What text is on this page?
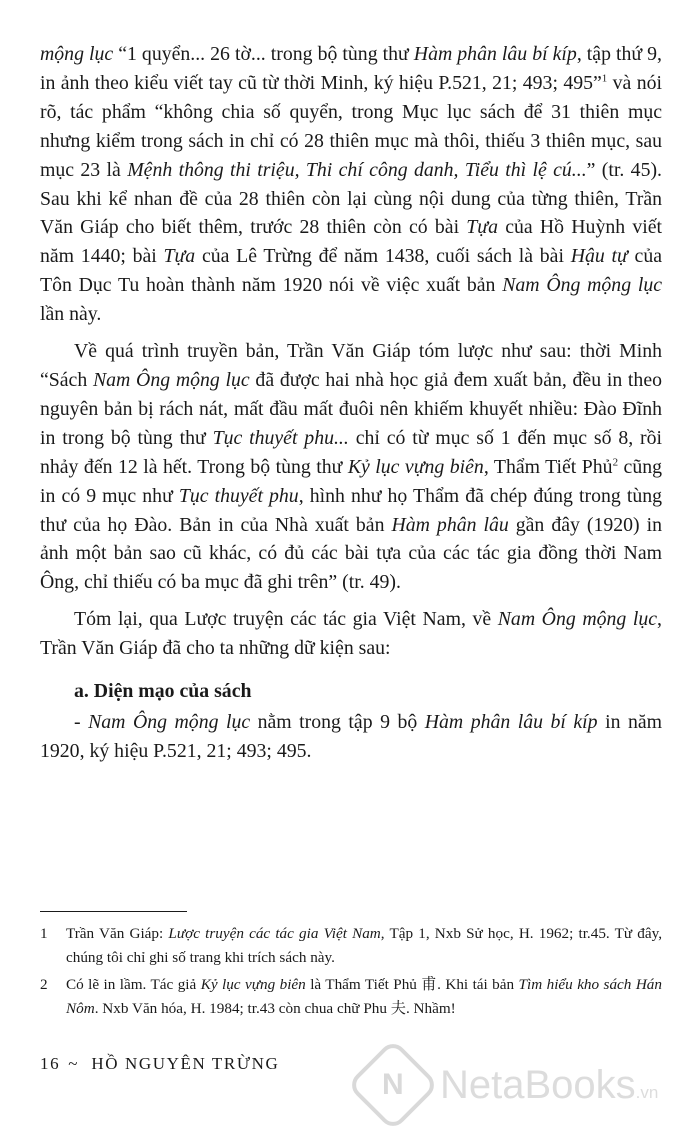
mộng lục “1 quyển... 26 tờ... trong bộ tùng thư Hàm phân lâu bí kíp, tập thứ 9, in ảnh theo kiểu viết tay cũ từ thời Minh, ký hiệu P.521, 21; 493; 495”$^1$ và nói rõ, tác phẩm “không chia số quyển, trong Mục lục sách để 31 thiên mục nhưng kiểm trong sách in chỉ có 28 thiên mục mà thôi, thiếu 3 thiên mục, sau mục 23 là Mệnh thông thi triệu, Thi chí công danh, Tiểu thì lệ cú...” (tr. 45). Sau khi kể nhan đề của 28 thiên còn lại cùng nội dung của từng thiên, Trần Văn Giáp cho biết thêm, trước 28 thiên còn có bài Tựa của Hồ Huỳnh viết năm 1440; bài Tựa của Lê Trừng để năm 1438, cuối sách là bài Hậu tự của Tôn Dục Tu hoàn thành năm 1920 nói về việc xuất bản Nam Ông mộng lục lần này.

Về quá trình truyền bản, Trần Văn Giáp tóm lược như sau: thời Minh “Sách Nam Ông mộng lục đã được hai nhà học giả đem xuất bản, đều in theo nguyên bản bị rách nát, mất đầu mất đuôi nên khiếm khuyết nhiều: Đào Đĩnh in trong bộ tùng thư Tục thuyết phu... chỉ có từ mục số 1 đến mục số 8, rồi nhảy đến 12 là hết. Trong bộ tùng thư Kỷ lục vựng biên, Thẩm Tiết Phủ$^2$ cũng in có 9 mục như Tục thuyết phu, hình như họ Thẩm đã chép đúng trong tùng thư của họ Đào. Bản in của Nhà xuất bản Hàm phân lâu gần đây (1920) in ảnh một bản sao cũ khác, có đủ các bài tựa của các tác gia đồng thời Nam Ông, chỉ thiếu có ba mục đã ghi trên” (tr. 49).

Tóm lại, qua Lược truyện các tác gia Việt Nam, về Nam Ông mộng lục, Trần Văn Giáp đã cho ta những dữ kiện sau:

a. Diện mạo của sách

- Nam Ông mộng lục nằm trong tập 9 bộ Hàm phân lâu bí kíp in năm 1920, ký hiệu P.521, 21; 493; 495.

1	Trần Văn Giáp: Lược truyện các tác gia Việt Nam, Tập 1, Nxb Sử học, H. 1962; tr.45. Từ đây, chúng tôi chỉ ghi số trang khi trích sách này.
2	Có lẽ in lầm. Tác giả Kỷ lục vựng biên là Thẩm Tiết Phủ 甫. Khi tái bản Tìm hiểu kho sách Hán Nôm. Nxb Văn hóa, H. 1984; tr.43 còn chua chữ Phu 夫. Nhầm!
16 ~ HỒ NGUYÊN TRỪNG
N NetaBooks.vn
